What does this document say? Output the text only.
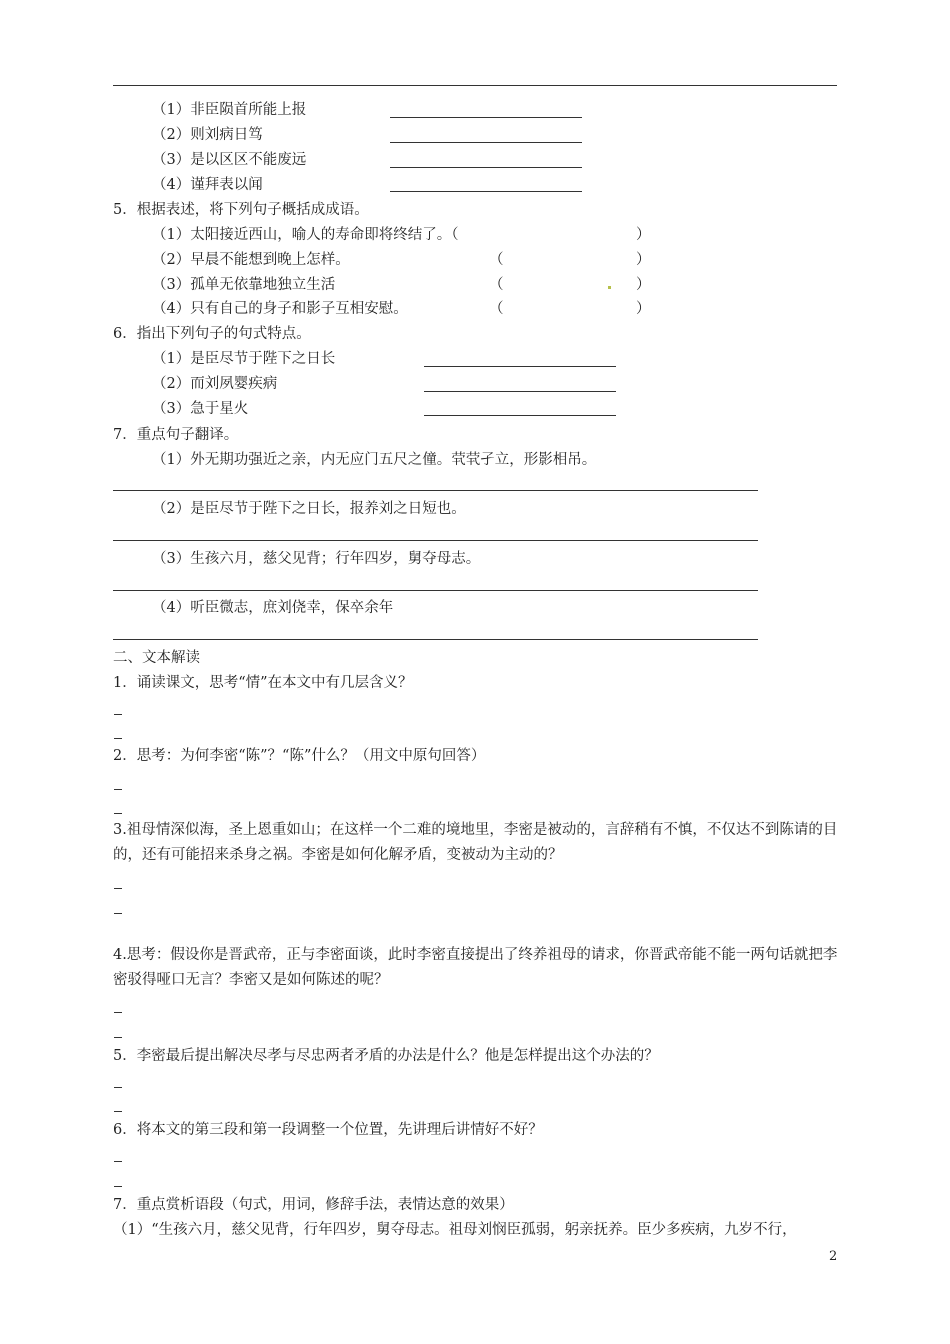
（1）非臣陨首所能上报
（2）则刘病日笃
（3）是以区区不能废远
（4）谨拜表以闻
5．根据表述，将下列句子概括成成语。
（1）太阳接近西山，喻人的寿命即将终结了。（	）
（2）早晨不能想到晚上怎样。	（	）
（3）孤单无依靠地独立生活	（	）
（4）只有自己的身子和影子互相安慰。	（	）
6．指出下列句子的句式特点。
（1）是臣尽节于陛下之日长
（2）而刘夙婴疾病
（3）急于星火
7．重点句子翻译。
（1）外无期功强近之亲，内无应门五尺之僮。茕茕孑立，形影相吊。
（2）是臣尽节于陛下之日长，报养刘之日短也。
（3）生孩六月，慈父见背；行年四岁，舅夺母志。
（4）听臣微志，庶刘侥幸，保卒余年
二、文本解读
1．诵读课文，思考“情”在本文中有几层含义？
2．思考：为何李密“陈”？“陈”什么？（用文中原句回答）
3.祖母情深似海，圣上恩重如山；在这样一个二难的境地里，李密是被动的，言辞稍有不慎，不仅达不到陈请的目的，还有可能招来杀身之祸。李密是如何化解矛盾，变被动为主动的？
4.思考：假设你是晋武帝，正与李密面谈，此时李密直接提出了终养祖母的请求，你晋武帝能不能一两句话就把李密驳得哑口无言？李密又是如何陈述的呢？
5．李密最后提出解决尽孝与尽忠两者矛盾的办法是什么？他是怎样提出这个办法的？
6．将本文的第三段和第一段调整一个位置，先讲理后讲情好不好？
7．重点赏析语段（句式，用词，修辞手法，表情达意的效果）
（1）“生孩六月，慈父见背，行年四岁，舅夺母志。祖母刘悯臣孤弱，躬亲抚养。臣少多疾病，九岁不行，
2
